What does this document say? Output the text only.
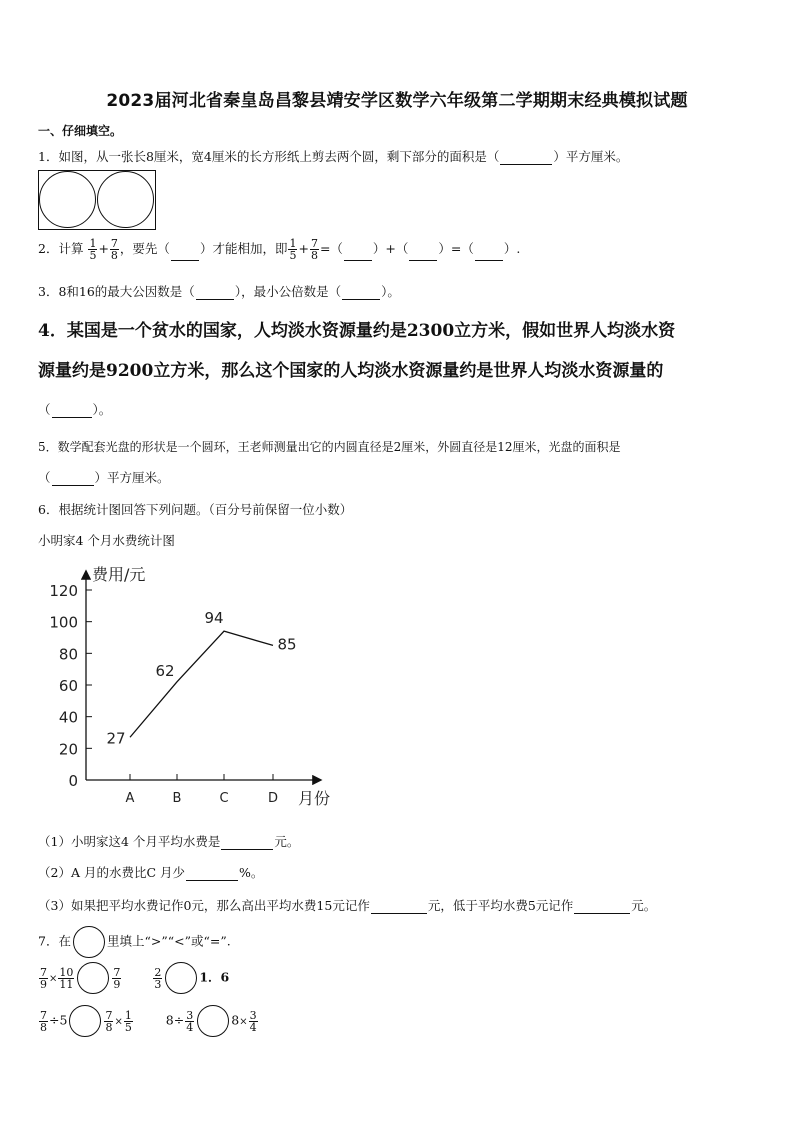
2023届河北省秦皇岛昌黎县靖安学区数学六年级第二学期期末经典模拟试题
一、仔细填空。
1．如图，从一张长8厘米，宽4厘米的长方形纸上剪去两个圆，剩下部分的面积是（	）平方厘米。
2．计算 $\frac{1}{5} + \frac{7}{8}$ ，要先（ ）才能相加，即 $\frac{1}{5} + \frac{7}{8}$ =（ ）+（ ）=（ ）.
3．8和16的最大公因数是（	），最小公倍数是（	）。
4．某国是一个贫水的国家，人均淡水资源量约是2300立方米，假如世界人均淡水资
源量约是9200立方米，那么这个国家的人均淡水资源量约是世界人均淡水资源量的
（	）。
5．数学配套光盘的形状是一个圆环，王老师测量出它的内圆直径是2厘米，外圆直径是12厘米，光盘的面积是
（	）平方厘米。
6．根据统计图回答下列问题。（百分号前保留一位小数）
小明家4 个月水费统计图
0
20
40
60
80
100
120
A	B	C	D
费用/元
月份
27
62
94
85
（1）小明家这4 个月平均水费是	元。
（2）A 月的水费比C 月少	%。
（3）如果把平均水费记作0元，那么高出平均水费15元记作	元，低于平均水费5元记作	元。
7．在	里填上“>”“<”或“=”.
$\frac{7}{9} \times \frac{10}{11}$	$\frac{7}{9}$
	$\frac{2}{3}$	1．6
$\frac{7}{8} \div 5$	$\frac{7}{8} \times \frac{1}{5}$	$8\div \frac{3}{4}$	$8\times \frac{3}{4}$
